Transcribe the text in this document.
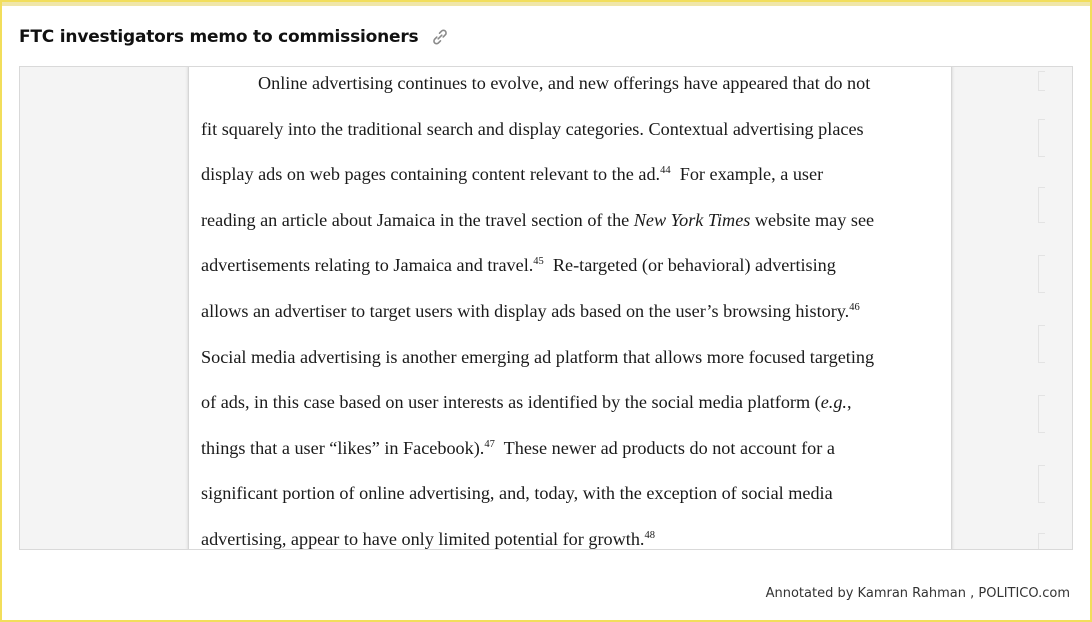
FTC investigators memo to commissioners
Online advertising continues to evolve, and new offerings have appeared that do not
fit squarely into the traditional search and display categories. Contextual advertising places
display ads on web pages containing content relevant to the ad.$^{44}$  For example, a user
reading an article about Jamaica in the travel section of the New York Times website may see
advertisements relating to Jamaica and travel.$^{45}$  Re-targeted (or behavioral) advertising
allows an advertiser to target users with display ads based on the user’s browsing history.$^{46}$
Social media advertising is another emerging ad platform that allows more focused targeting
of ads, in this case based on user interests as identified by the social media platform (e.g.,
things that a user “likes” in Facebook).$^{47}$  These newer ad products do not account for a
significant portion of online advertising, and, today, with the exception of social media
advertising, appear to have only limited potential for growth.$^{48}$
Annotated by Kamran Rahman , POLITICO.com
